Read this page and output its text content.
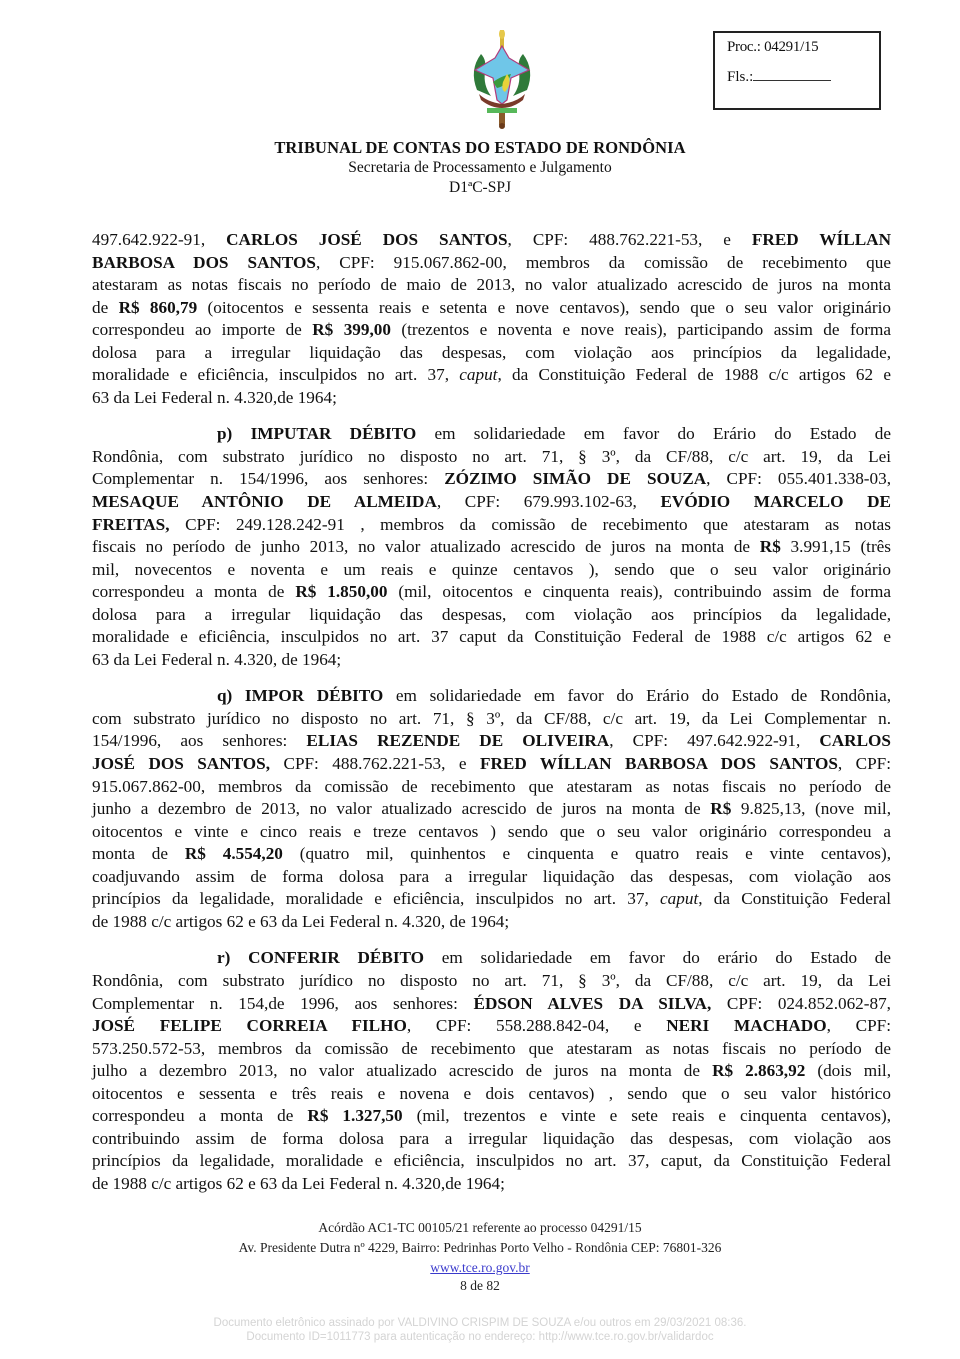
Proc.: 04291/15
Fls.:
TRIBUNAL DE CONTAS DO ESTADO DE RONDÔNIA
Secretaria de Processamento e Julgamento
D1ªC-SPJ
497.642.922-91, CARLOS JOSÉ DOS SANTOS, CPF: 488.762.221-53, e FRED WÍLLAN
BARBOSA DOS SANTOS, CPF: 915.067.862-00, membros da comissão de recebimento que
atestaram as notas fiscais no período de maio de 2013, no valor atualizado acrescido de juros na monta
de R$ 860,79 (oitocentos e sessenta reais e setenta e nove centavos), sendo que o seu valor originário
correspondeu ao importe de R$ 399,00 (trezentos e noventa e nove reais), participando assim de forma
dolosa para a irregular liquidação das despesas, com violação aos princípios da legalidade,
moralidade e eficiência, insculpidos no art. 37, caput, da Constituição Federal de 1988 c/c artigos 62 e
63 da Lei Federal n. 4.320,de 1964;
p) IMPUTAR DÉBITO em solidariedade em favor do Erário do Estado de
Rondônia, com substrato jurídico no disposto no art. 71, § 3º, da CF/88, c/c art. 19, da Lei
Complementar n. 154/1996, aos senhores: ZÓZIMO SIMÃO DE SOUZA, CPF: 055.401.338-03,
MESAQUE ANTÔNIO DE ALMEIDA, CPF: 679.993.102-63, EVÓDIO MARCELO DE
FREITAS, CPF: 249.128.242-91 , membros da comissão de recebimento que atestaram as notas
fiscais no período de junho 2013, no valor atualizado acrescido de juros na monta de R$ 3.991,15 (três
mil, novecentos e noventa e um reais e quinze centavos ), sendo que o seu valor originário
correspondeu a monta de R$ 1.850,00 (mil, oitocentos e cinquenta reais), contribuindo assim de forma
dolosa para a irregular liquidação das despesas, com violação aos princípios da legalidade,
moralidade e eficiência, insculpidos no art. 37 caput da Constituição Federal de 1988 c/c artigos 62 e
63 da Lei Federal n. 4.320, de 1964;
q) IMPOR DÉBITO em solidariedade em favor do Erário do Estado de Rondônia,
com substrato jurídico no disposto no art. 71, § 3º, da CF/88, c/c art. 19, da Lei Complementar n.
154/1996, aos senhores: ELIAS REZENDE DE OLIVEIRA, CPF: 497.642.922-91, CARLOS
JOSÉ DOS SANTOS, CPF: 488.762.221-53, e FRED WÍLLAN BARBOSA DOS SANTOS, CPF:
915.067.862-00, membros da comissão de recebimento que atestaram as notas fiscais no período de
junho a dezembro de 2013, no valor atualizado acrescido de juros na monta de R$ 9.825,13, (nove mil,
oitocentos e vinte e cinco reais e treze centavos ) sendo que o seu valor originário correspondeu a
monta de R$ 4.554,20 (quatro mil, quinhentos e cinquenta e quatro reais e vinte centavos),
coadjuvando assim de forma dolosa para a irregular liquidação das despesas, com violação aos
princípios da legalidade, moralidade e eficiência, insculpidos no art. 37, caput, da Constituição Federal
de 1988 c/c artigos 62 e 63 da Lei Federal n. 4.320, de 1964;
r) CONFERIR DÉBITO em solidariedade em favor do erário do Estado de
Rondônia, com substrato jurídico no disposto no art. 71, § 3º, da CF/88, c/c art. 19, da Lei
Complementar n. 154,de 1996, aos senhores: ÉDSON ALVES DA SILVA, CPF: 024.852.062-87,
JOSÉ FELIPE CORREIA FILHO, CPF: 558.288.842-04, e NERI MACHADO, CPF:
573.250.572-53, membros da comissão de recebimento que atestaram as notas fiscais no período de
julho a dezembro 2013, no valor atualizado acrescido de juros na monta de R$ 2.863,92 (dois mil,
oitocentos e sessenta e três reais e novena e dois centavos) , sendo que o seu valor histórico
correspondeu a monta de R$ 1.327,50 (mil, trezentos e vinte e sete reais e cinquenta centavos),
contribuindo assim de forma dolosa para a irregular liquidação das despesas, com violação aos
princípios da legalidade, moralidade e eficiência, insculpidos no art. 37, caput, da Constituição Federal
de 1988 c/c artigos 62 e 63 da Lei Federal n. 4.320,de 1964;
Acórdão AC1-TC 00105/21 referente ao processo 04291/15
Av. Presidente Dutra nº 4229, Bairro: Pedrinhas Porto Velho - Rondônia CEP: 76801-326
www.tce.ro.gov.br
8 de 82
Documento eletrônico assinado por VALDIVINO CRISPIM DE SOUZA e/ou outros em 29/03/2021 08:36.
Documento ID=1011773 para autenticação no endereço: http://www.tce.ro.gov.br/validardoc
